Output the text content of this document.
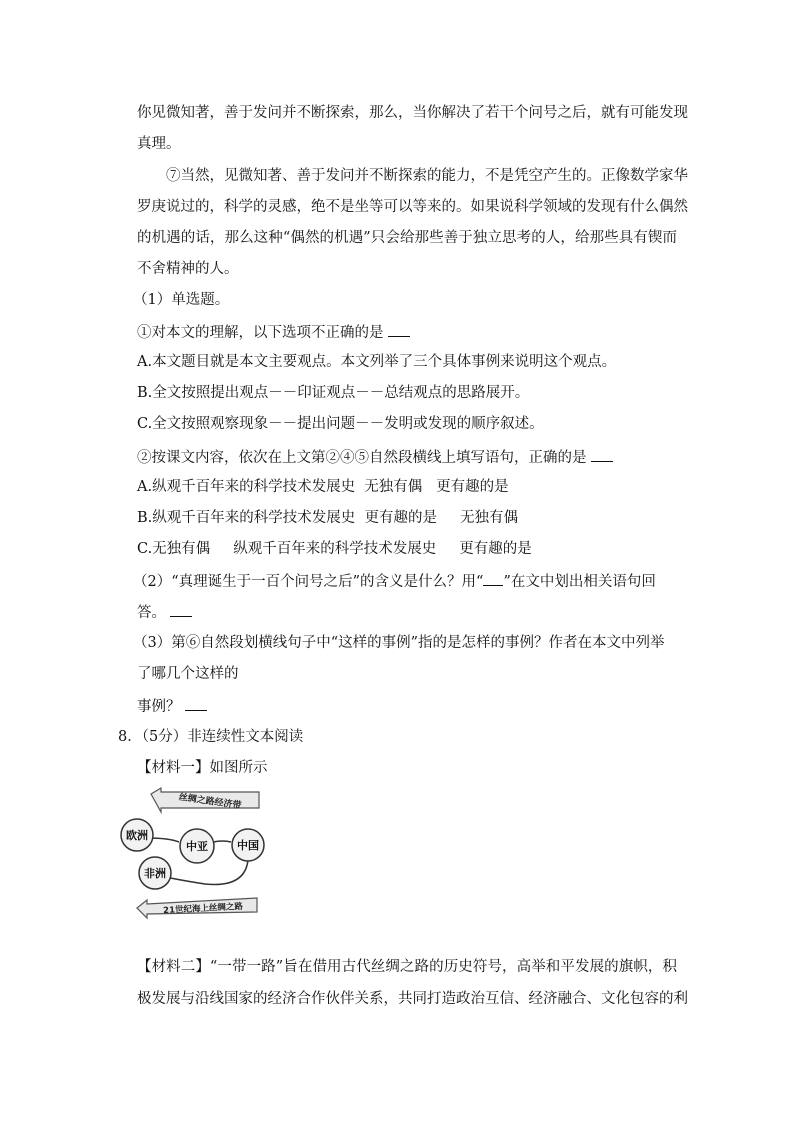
你见微知著，善于发问并不断探索，那么，当你解决了若干个问号之后，就有可能发现
真理。
⑦当然，见微知著、善于发问并不断探索的能力，不是凭空产生的。正像数学家华
罗庚说过的，科学的灵感，绝不是坐等可以等来的。如果说科学领域的发现有什么偶然
的机遇的话，那么这种“偶然的机遇”只会给那些善于独立思考的人，给那些具有锲而
不舍精神的人。
（1）单选题。
①对本文的理解，以下选项不正确的是
A.本文题目就是本文主要观点。本文列举了三个具体事例来说明这个观点。
B.全文按照提出观点－－印证观点－－总结观点的思路展开。
C.全文按照观察现象－－提出问题－－发明或发现的顺序叙述。
②按课文内容，依次在上文第②④⑤自然段横线上填写语句，正确的是
A.纵观千百年来的科学技术发展史  无独有偶   更有趣的是
B.纵观千百年来的科学技术发展史  更有趣的是     无独有偶
C.无独有偶     纵观千百年来的科学技术发展史     更有趣的是
（2）“真理诞生于一百个问号之后”的含义是什么？用“ ”在文中划出相关语句回
答。
（3）第⑥自然段划横线句子中“这样的事例”指的是怎样的事例？作者在本文中列举
了哪几个这样的
事例？
8．（5分）非连续性文本阅读
【材料一】如图所示
丝绸之路经济带
欧洲
中亚	中国
非洲
21世纪海上丝绸之路
【材料二】“一带一路”旨在借用古代丝绸之路的历史符号，高举和平发展的旗帜，积
极发展与沿线国家的经济合作伙伴关系，共同打造政治互信、经济融合、文化包容的利
